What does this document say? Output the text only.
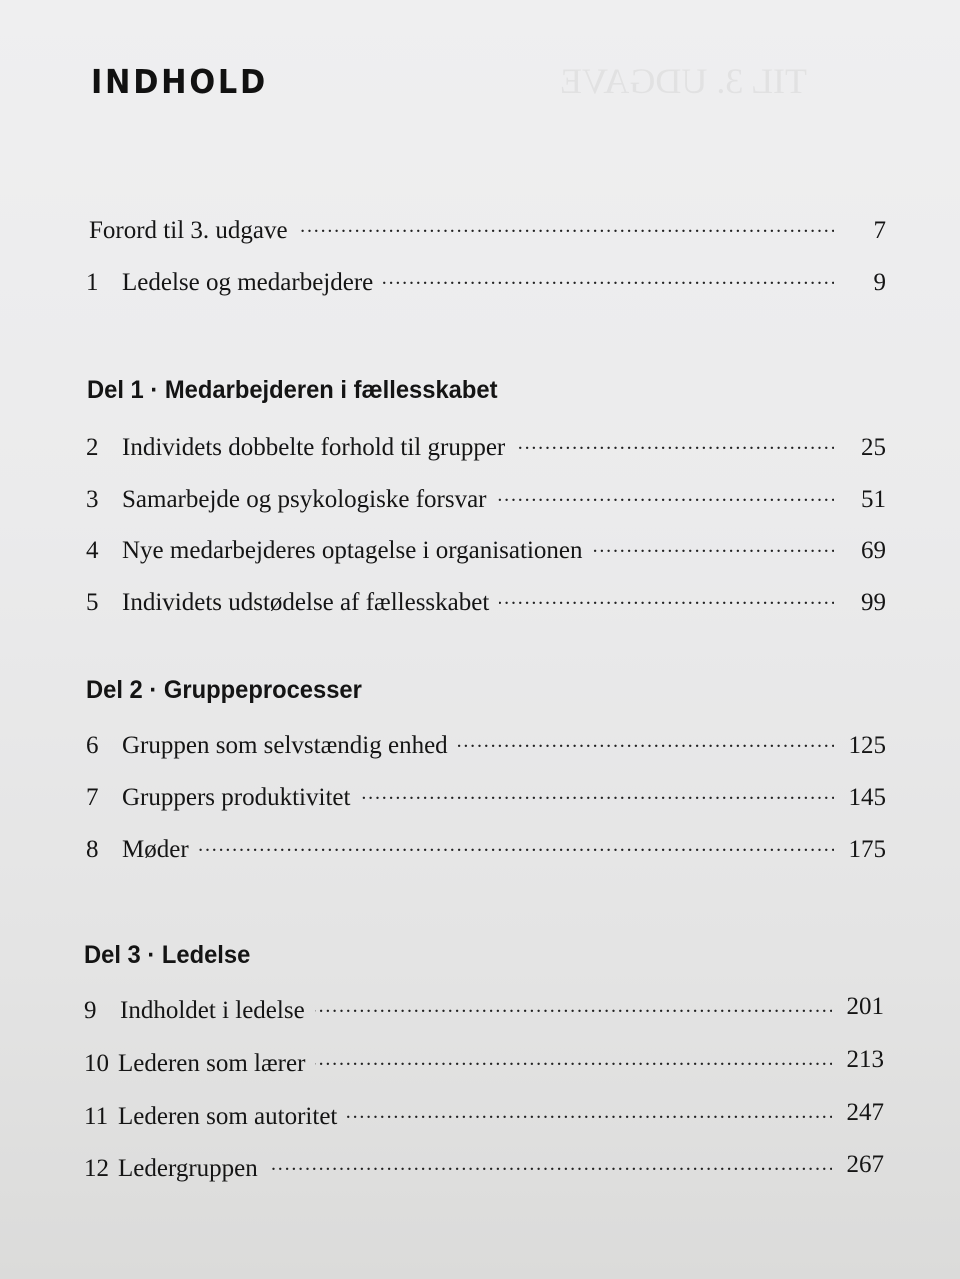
TIL 3. UDGAVE
INDHOLD
Forord til 3. udgave . . .	7
1 Ledelse og medarbejdere . . .	9
Del 1 · Medarbejderen i fællesskabet
2 Individets dobbelte forhold til grupper . . .	25
3 Samarbejde og psykologiske forsvar . . .	51
4 Nye medarbejderes optagelse i organisationen . . .	69
5 Individets udstødelse af fællesskabet . . .	99
Del 2 · Gruppeprocesser
6 Gruppen som selvstændig enhed . . .	125
7 Gruppers produktivitet . . .	145
8 Møder . . .	175
Del 3 · Ledelse
9 Indholdet i ledelse . . .	201
10 Lederen som lærer . . .	213
11 Lederen som autoritet . . .	247
12 Ledergruppen . . .	267
